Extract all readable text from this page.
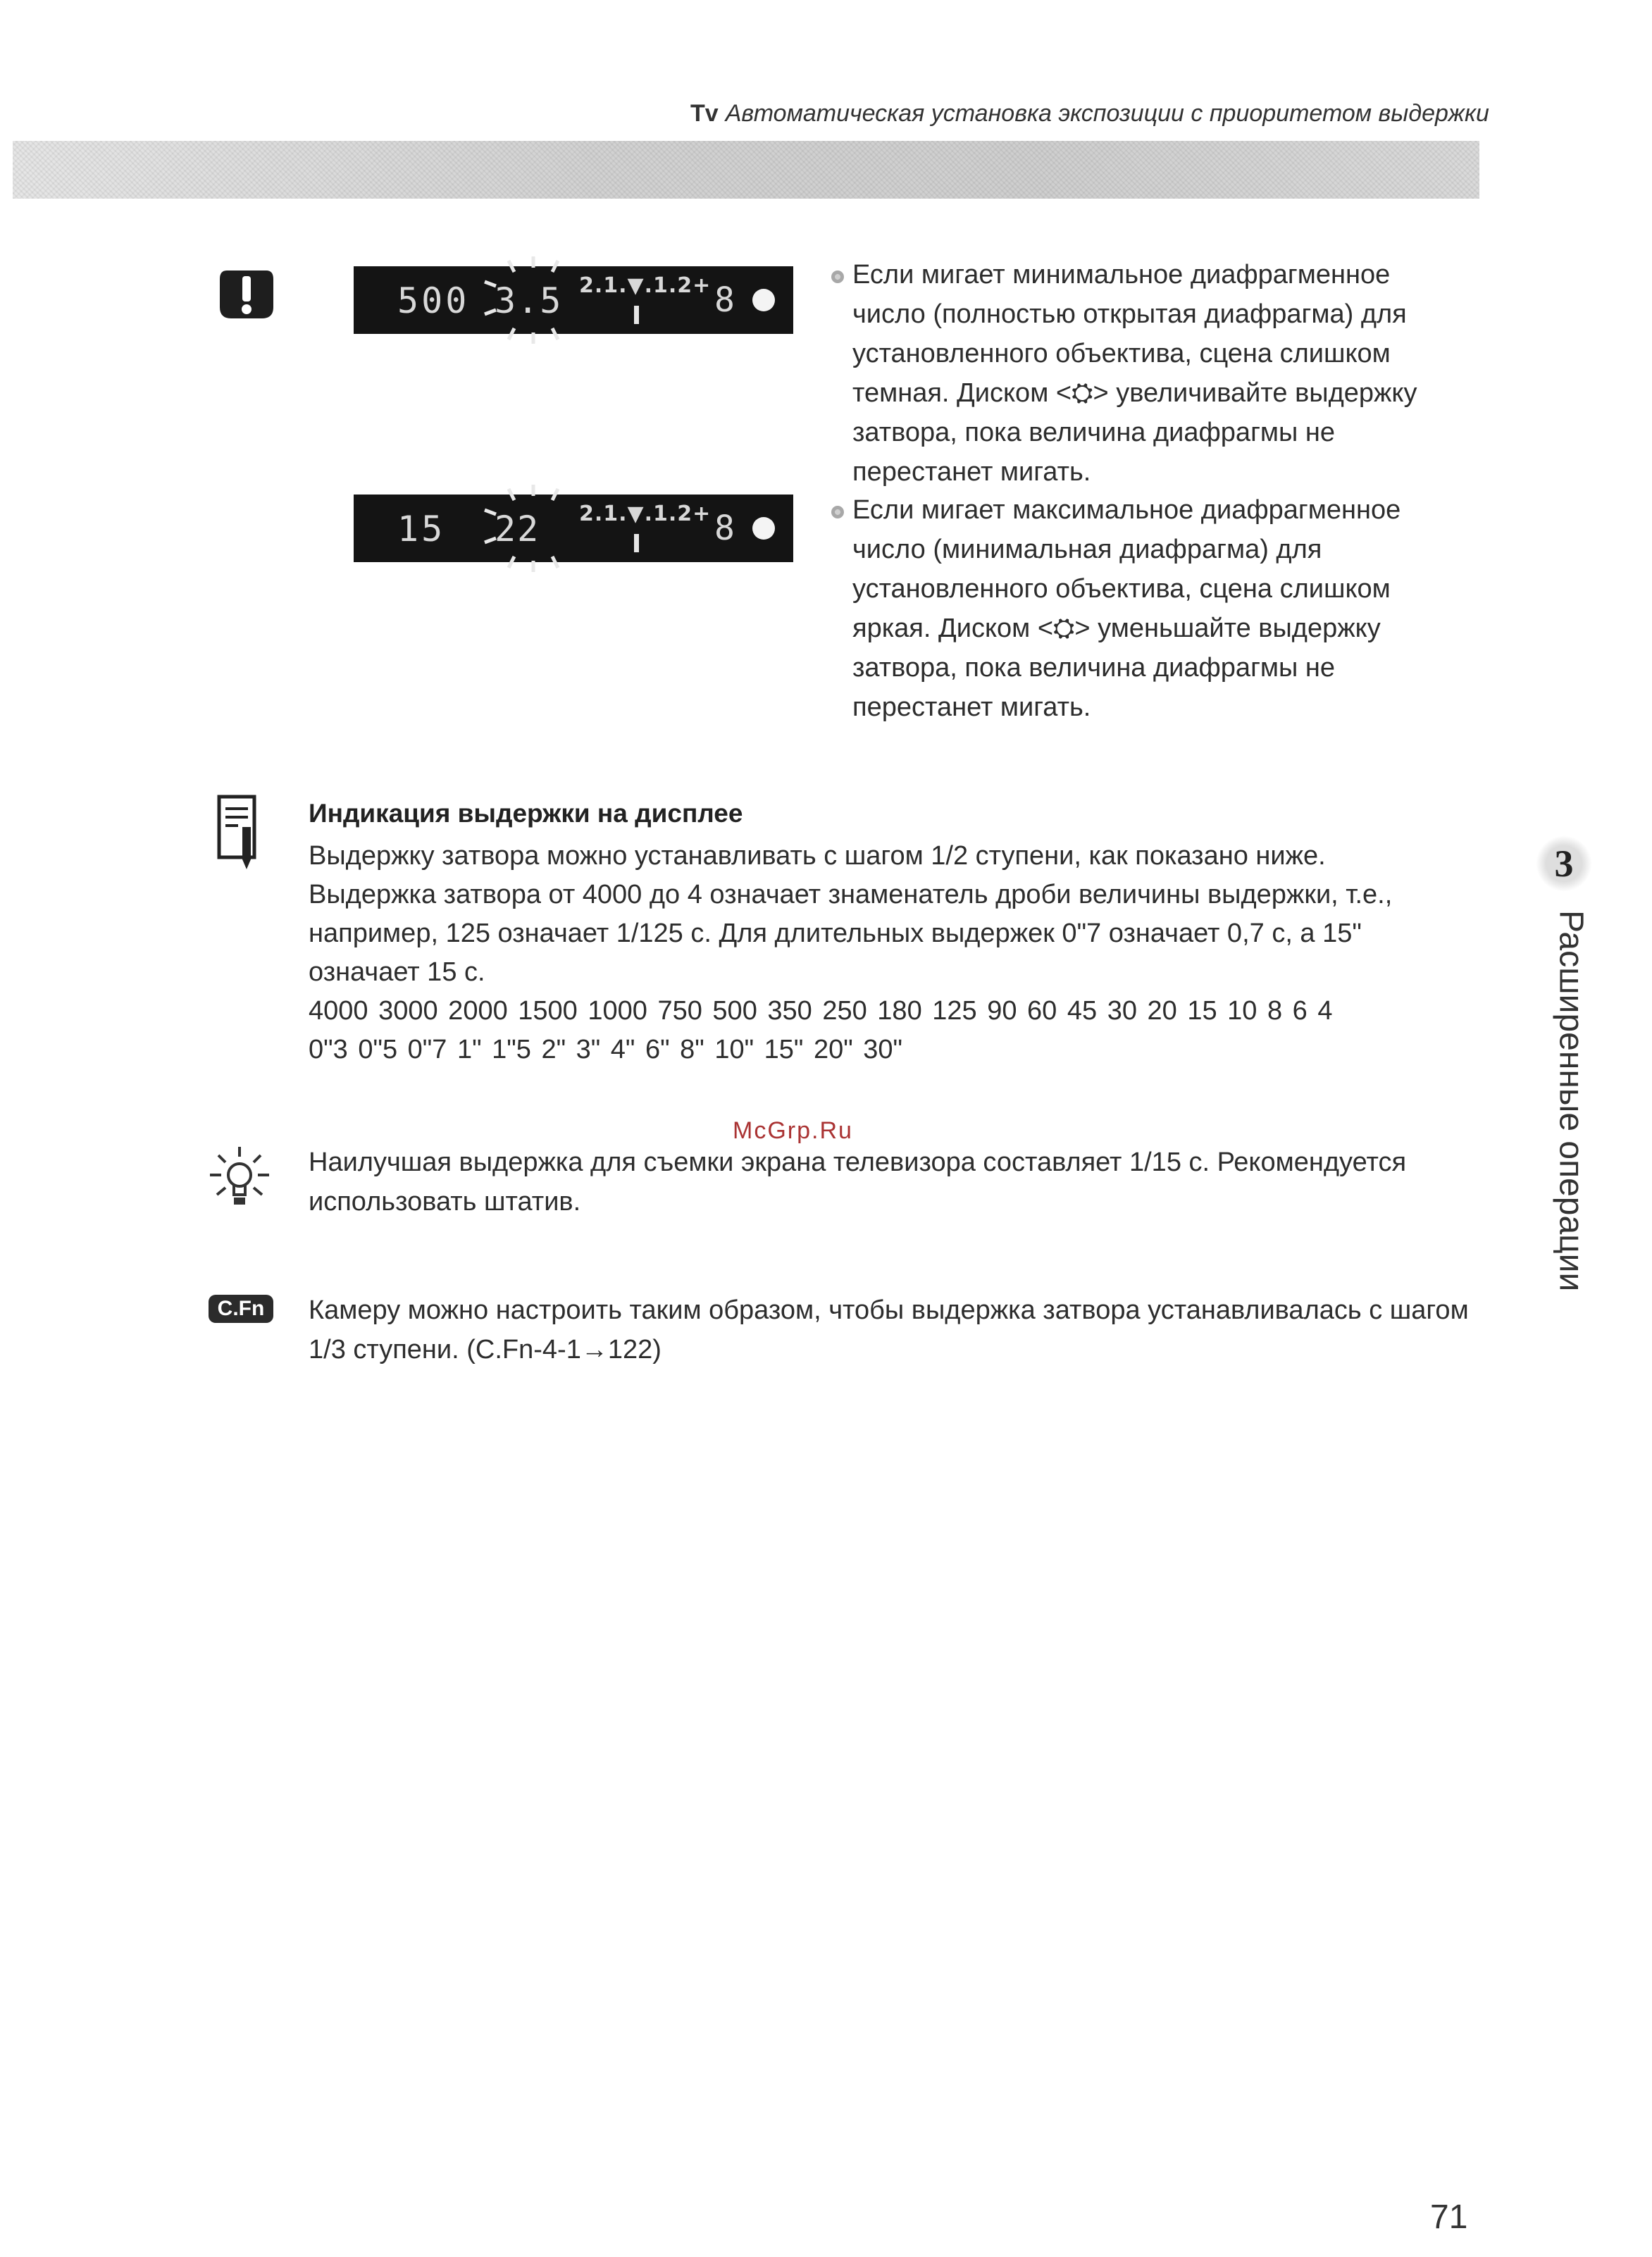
Tv Автоматическая установка экспозиции с приоритетом выдержки
500 3.5 2.1.▼.1.2+ 8
15 22 2.1.▼.1.2+ 8
Если мигает минимальное диафрагменное
число (полностью открытая диафрагма) для
установленного объектива, сцена слишком
темная. Диском <⛭> увеличивайте выдержку
затвора, пока величина диафрагмы не
перестанет мигать.
Если мигает максимальное диафрагменное
число (минимальная диафрагма) для
установленного объектива, сцена слишком
яркая. Диском <⛭> уменьшайте выдержку
затвора, пока величина диафрагмы не
перестанет мигать.
Индикация выдержки на дисплее
Выдержку затвора можно устанавливать с шагом 1/2 ступени, как показано ниже.
Выдержка затвора от 4000 до 4 означает знаменатель дроби величины выдержки, т.е.,
например, 125 означает 1/125 с. Для длительных выдержек 0"7 означает 0,7 с, а 15"
означает 15 с.
4000 3000 2000 1500 1000 750 500 350 250 180 125 90 60 45 30 20 15 10 8 6 4
0"3 0"5 0"7 1" 1"5 2" 3" 4" 6" 8" 10" 15" 20" 30"
McGrp.Ru
Наилучшая выдержка для съемки экрана телевизора составляет 1/15 с. Рекомендуется
использовать штатив.
C.Fn	Камеру можно настроить таким образом, чтобы выдержка затвора устанавливалась с шагом
1/3 ступени. (C.Fn-4-1→122)
3
Расширенные операции
71
